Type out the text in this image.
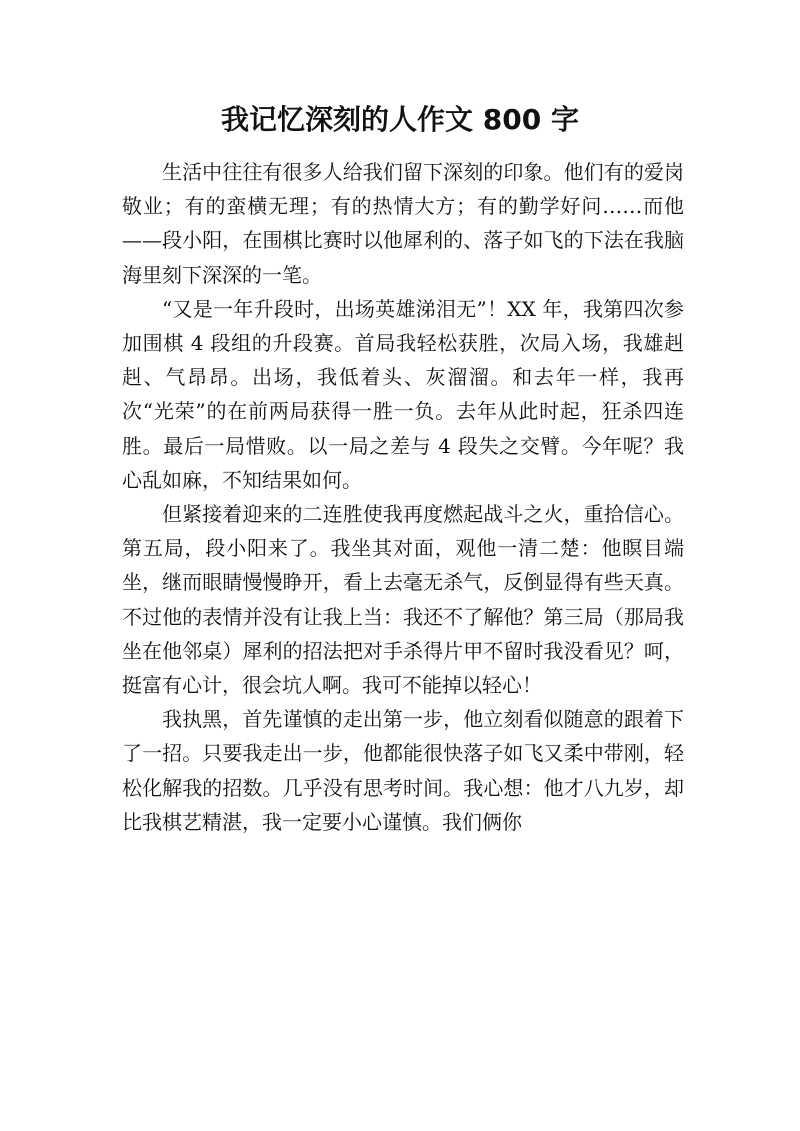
我记忆深刻的人作文 800 字

生活中往往有很多人给我们留下深刻的印象。他们有的爱岗敬业；有的蛮横无理；有的热情大方；有的勤学好问……而他——段小阳，在围棋比赛时以他犀利的、落子如飞的下法在我脑海里刻下深深的一笔。

“又是一年升段时，出场英雄涕泪无”！XX 年，我第四次参加围棋 4 段组的升段赛。首局我轻松获胜，次局入场，我雄赳赳、气昂昂。出场，我低着头、灰溜溜。和去年一样，我再次“光荣”的在前两局获得一胜一负。去年从此时起，狂杀四连胜。最后一局惜败。以一局之差与 4 段失之交臂。今年呢？我心乱如麻，不知结果如何。

但紧接着迎来的二连胜使我再度燃起战斗之火，重拾信心。第五局，段小阳来了。我坐其对面，观他一清二楚：他瞑目端坐，继而眼睛慢慢睁开，看上去毫无杀气，反倒显得有些天真。不过他的表情并没有让我上当：我还不了解他？第三局（那局我坐在他邻桌）犀利的招法把对手杀得片甲不留时我没看见？呵，挺富有心计，很会坑人啊。我可不能掉以轻心！

我执黑，首先谨慎的走出第一步，他立刻看似随意的跟着下了一招。只要我走出一步，他都能很快落子如飞又柔中带刚，轻松化解我的招数。几乎没有思考时间。我心想：他才八九岁，却比我棋艺精湛，我一定要小心谨慎。我们俩你
